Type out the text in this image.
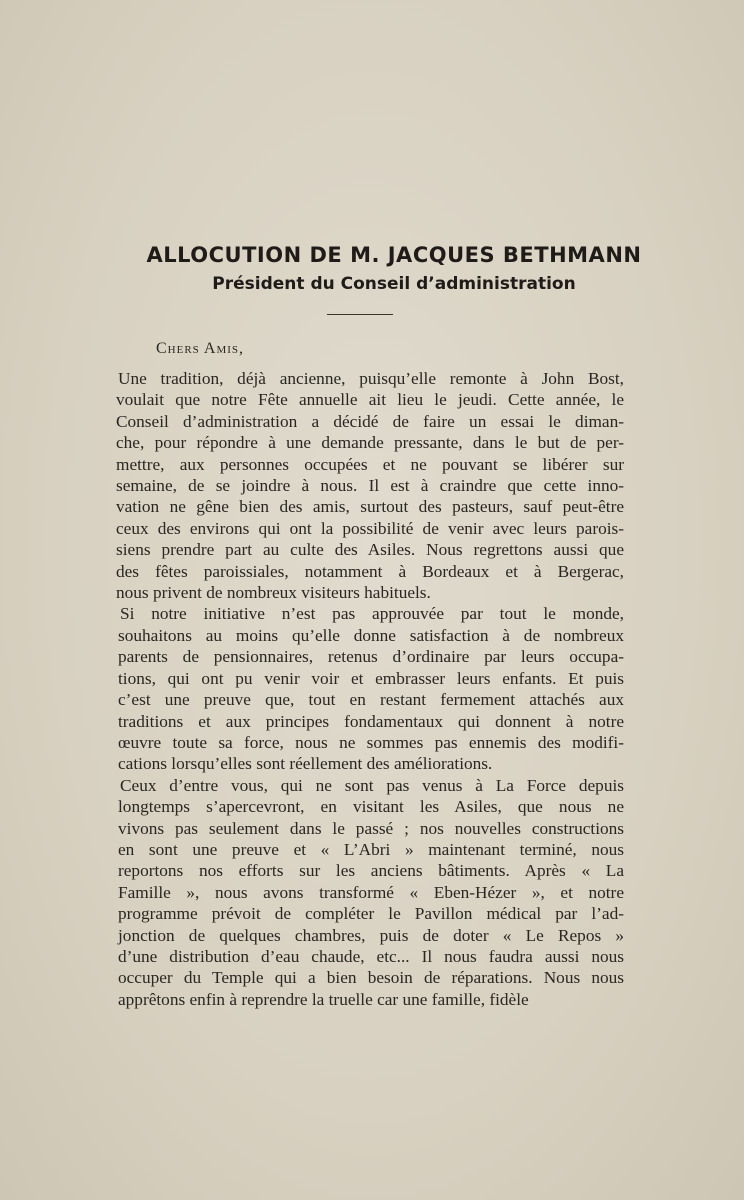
ALLOCUTION DE M. JACQUES BETHMANN
Président du Conseil d’administration
Chers Amis,

Une tradition, déjà ancienne, puisqu’elle remonte à John Bost,
voulait que notre Fête annuelle ait lieu le jeudi. Cette année, le
Conseil d’administration a décidé de faire un essai le diman-
che, pour répondre à une demande pressante, dans le but de per-
mettre, aux personnes occupées et ne pouvant se libérer sur
semaine, de se joindre à nous. Il est à craindre que cette inno-
vation ne gêne bien des amis, surtout des pasteurs, sauf peut-être
ceux des environs qui ont la possibilité de venir avec leurs parois-
siens prendre part au culte des Asiles. Nous regrettons aussi que
des fêtes paroissiales, notamment à Bordeaux et à Bergerac,
nous privent de nombreux visiteurs habituels.

Si notre initiative n’est pas approuvée par tout le monde,
souhaitons au moins qu’elle donne satisfaction à de nombreux
parents de pensionnaires, retenus d’ordinaire par leurs occupa-
tions, qui ont pu venir voir et embrasser leurs enfants. Et puis
c’est une preuve que, tout en restant fermement attachés aux
traditions et aux principes fondamentaux qui donnent à notre
œuvre toute sa force, nous ne sommes pas ennemis des modifi-
cations lorsqu’elles sont réellement des améliorations.

Ceux d’entre vous, qui ne sont pas venus à La Force depuis
longtemps s’apercevront, en visitant les Asiles, que nous ne
vivons pas seulement dans le passé ; nos nouvelles constructions
en sont une preuve et « L’Abri » maintenant terminé, nous
reportons nos efforts sur les anciens bâtiments. Après « La
Famille », nous avons transformé « Eben-Hézer », et notre
programme prévoit de compléter le Pavillon médical par l’ad-
jonction de quelques chambres, puis de doter « Le Repos »
d’une distribution d’eau chaude, etc... Il nous faudra aussi nous
occuper du Temple qui a bien besoin de réparations. Nous nous
apprêtons enfin à reprendre la truelle car une famille, fidèle
